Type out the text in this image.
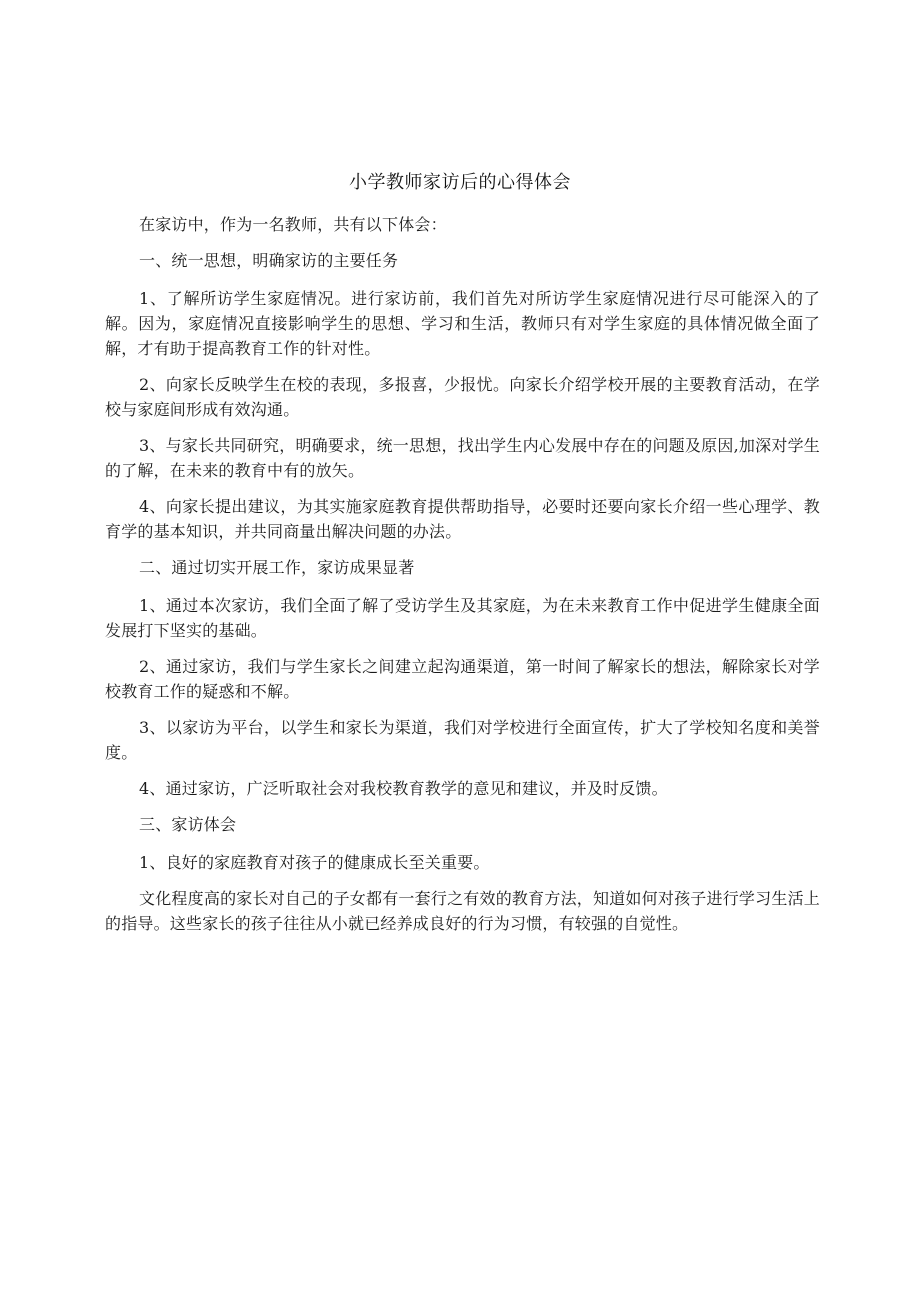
小学教师家访后的心得体会

在家访中，作为一名教师，共有以下体会：

一、统一思想，明确家访的主要任务

1、了解所访学生家庭情况。进行家访前，我们首先对所访学生家庭情况进行尽可能深入的了解。因为，家庭情况直接影响学生的思想、学习和生活，教师只有对学生家庭的具体情况做全面了解，才有助于提高教育工作的针对性。

2、向家长反映学生在校的表现，多报喜，少报忧。向家长介绍学校开展的主要教育活动，在学校与家庭间形成有效沟通。

3、与家长共同研究，明确要求，统一思想，找出学生内心发展中存在的问题及原因,加深对学生的了解，在未来的教育中有的放矢。

4、向家长提出建议，为其实施家庭教育提供帮助指导，必要时还要向家长介绍一些心理学、教育学的基本知识，并共同商量出解决问题的办法。

二、通过切实开展工作，家访成果显著

1、通过本次家访，我们全面了解了受访学生及其家庭，为在未来教育工作中促进学生健康全面发展打下坚实的基础。

2、通过家访，我们与学生家长之间建立起沟通渠道，第一时间了解家长的想法，解除家长对学校教育工作的疑惑和不解。

3、以家访为平台，以学生和家长为渠道，我们对学校进行全面宣传，扩大了学校知名度和美誉度。

4、通过家访，广泛听取社会对我校教育教学的意见和建议，并及时反馈。

三、家访体会

1、良好的家庭教育对孩子的健康成长至关重要。

文化程度高的家长对自己的子女都有一套行之有效的教育方法，知道如何对孩子进行学习生活上的指导。这些家长的孩子往往从小就已经养成良好的行为习惯，有较强的自觉性。
